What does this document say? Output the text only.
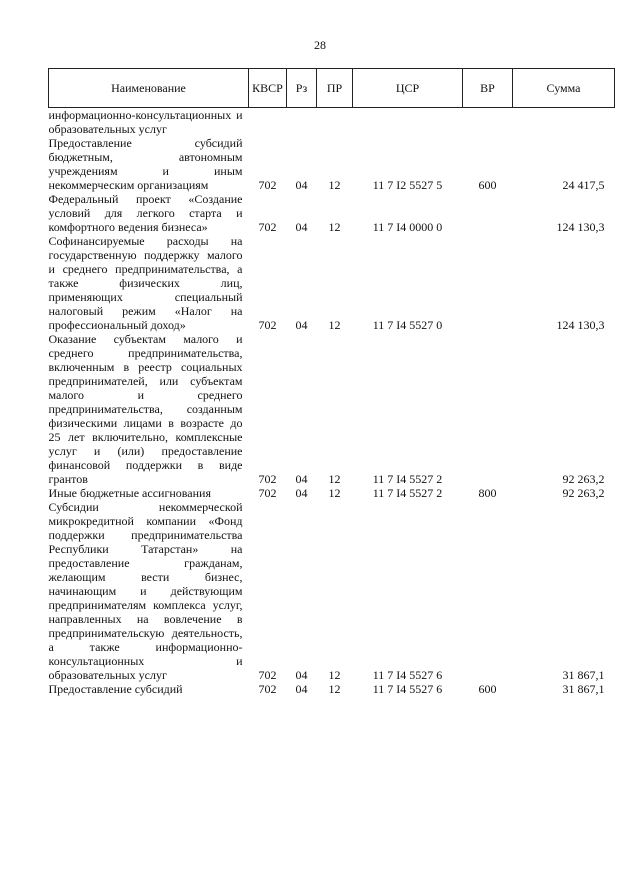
28
Наименование	КВСР	Рз	ПР	ЦСР	ВР	Сумма
информационно-консультационных и образовательных услуг						
Предоставление субсидий бюджетным, автономным учреждениям и иным некоммерческим организациям	702	04	12	11 7 I2 5527 5	600	24 417,5
Федеральный проект «Создание условий для легкого старта и комфортного ведения бизнеса»	702	04	12	11 7 I4 0000 0		124 130,3
Софинансируемые расходы на государственную поддержку малого и среднего предпринимательства, а также физических лиц, применяющих специальный налоговый режим «Налог на профессиональный доход»	702	04	12	11 7 I4 5527 0		124 130,3
Оказание субъектам малого и среднего предпринимательства, включенным в реестр социальных предпринимателей, или субъектам малого и среднего предпринимательства, созданным физическими лицами в возрасте до 25 лет включительно, комплексные услуг и (или) предоставление финансовой поддержки в виде грантов	702	04	12	11 7 I4 5527 2		92 263,2
Иные бюджетные ассигнования	702	04	12	11 7 I4 5527 2	800	92 263,2
Субсидии некоммерческой микрокредитной компании «Фонд поддержки предпринимательства Республики Татарстан» на предоставление гражданам, желающим вести бизнес, начинающим и действующим предпринимателям комплекса услуг, направленных на вовлечение в предпринимательскую деятельность, а также информационно-консультационных и образовательных услуг	702	04	12	11 7 I4 5527 6		31 867,1
Предоставление субсидий	702	04	12	11 7 I4 5527 6	600	31 867,1
